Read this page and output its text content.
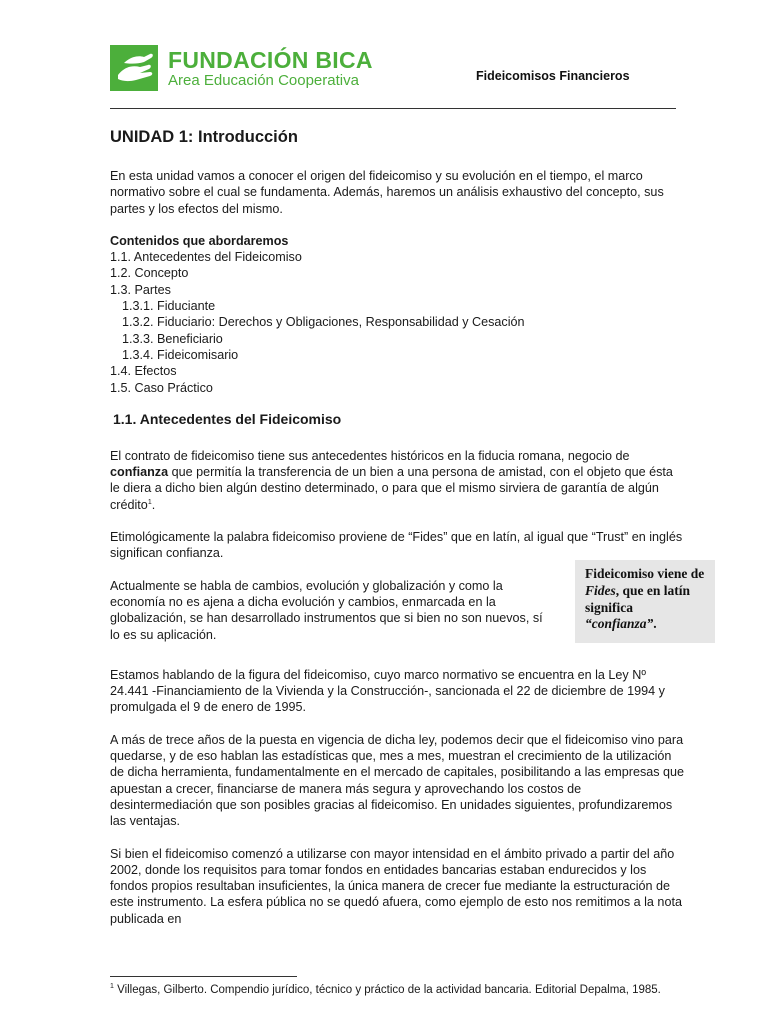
FUNDACIÓN BICA
Area Educación Cooperativa	Fideicomisos Financieros
UNIDAD 1: Introducción

En esta unidad vamos a conocer el origen del fideicomiso y su evolución en el tiempo, el marco normativo sobre el cual se fundamenta. Además, haremos un análisis exhaustivo del concepto, sus partes y los efectos del mismo.

Contenidos que abordaremos
1.1. Antecedentes del Fideicomiso
1.2. Concepto
1.3. Partes
1.3.1. Fiduciante
1.3.2. Fiduciario: Derechos y Obligaciones, Responsabilidad y Cesación
1.3.3. Beneficiario
1.3.4. Fideicomisario
1.4. Efectos
1.5. Caso Práctico
1.1. Antecedentes del Fideicomiso

El contrato de fideicomiso tiene sus antecedentes históricos en la fiducia romana, negocio de confianza que permitía la transferencia de un bien a una persona de amistad, con el objeto que ésta le diera a dicho bien algún destino determinado, o para que el mismo sirviera de garantía de algún crédito$^1$.

Etimológicamente la palabra fideicomiso proviene de “Fides” que en latín, al igual que “Trust” en inglés significan confianza.

Actualmente se habla de cambios, evolución y globalización y como la economía no es ajena a dicha evolución y cambios, enmarcada en la globalización, se han desarrollado instrumentos que si bien no son nuevos, sí lo es su aplicación.

Estamos hablando de la figura del fideicomiso, cuyo marco normativo se encuentra en la Ley Nº 24.441 -Financiamiento de la Vivienda y la Construcción-, sancionada el 22 de diciembre de 1994 y promulgada el 9 de enero de 1995.

A más de trece años de la puesta en vigencia de dicha ley, podemos decir que el fideicomiso vino para quedarse, y de eso hablan las estadísticas que, mes a mes, muestran el crecimiento de la utilización de dicha herramienta, fundamentalmente en el mercado de capitales, posibilitando a las empresas que apuestan a crecer, financiarse de manera más segura y aprovechando los costos de desintermediación que son posibles gracias al fideicomiso. En unidades siguientes, profundizaremos las ventajas.

Si bien el fideicomiso comenzó a utilizarse con mayor intensidad en el ámbito privado a partir del año 2002, donde los requisitos para tomar fondos en entidades bancarias estaban endurecidos y los fondos propios resultaban insuficientes, la única manera de crecer fue mediante la estructuración de este instrumento. La esfera pública no se quedó afuera, como ejemplo de esto nos remitimos a la nota publicada en

Fideicomiso viene de Fides, que en latín significa “confianza”.
$^1$ Villegas, Gilberto. Compendio jurídico, técnico y práctico de la actividad bancaria. Editorial Depalma, 1985.
